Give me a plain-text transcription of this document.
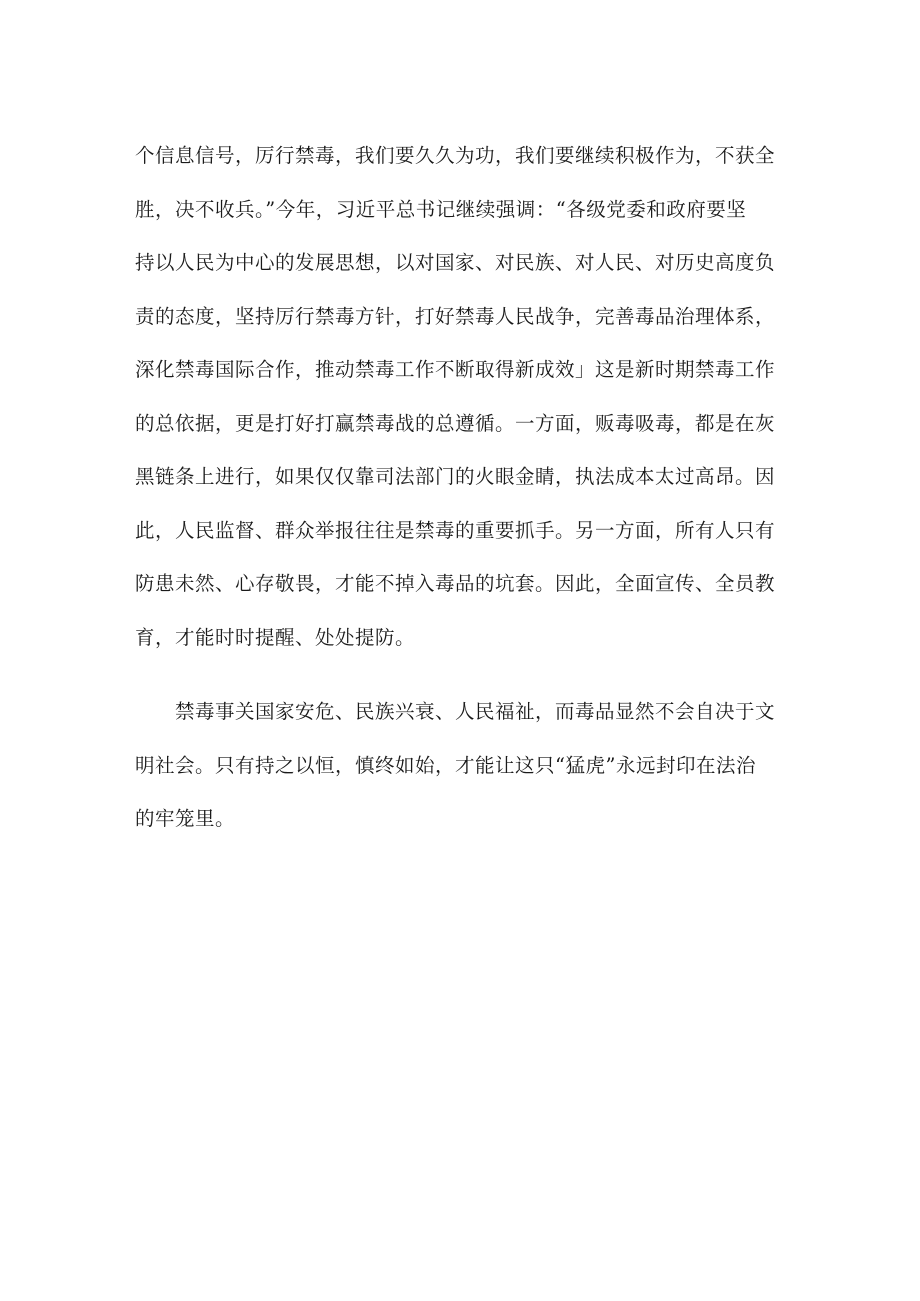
个信息信号，厉行禁毒，我们要久久为功，我们要继续积极作为，不获全
胜，决不收兵。”今年，习近平总书记继续强调：“各级党委和政府要坚
持以人民为中心的发展思想，以对国家、对民族、对人民、对历史高度负
责的态度，坚持厉行禁毒方针，打好禁毒人民战争，完善毒品治理体系，
深化禁毒国际合作，推动禁毒工作不断取得新成效」这是新时期禁毒工作
的总依据，更是打好打赢禁毒战的总遵循。一方面，贩毒吸毒，都是在灰
黑链条上进行，如果仅仅靠司法部门的火眼金睛，执法成本太过高昂。因
此，人民监督、群众举报往往是禁毒的重要抓手。另一方面，所有人只有
防患未然、心存敬畏，才能不掉入毒品的坑套。因此，全面宣传、全员教
育，才能时时提醒、处处提防。
禁毒事关国家安危、民族兴衰、人民福祉，而毒品显然不会自决于文
明社会。只有持之以恒，慎终如始，才能让这只“猛虎”永远封印在法治
的牢笼里。
